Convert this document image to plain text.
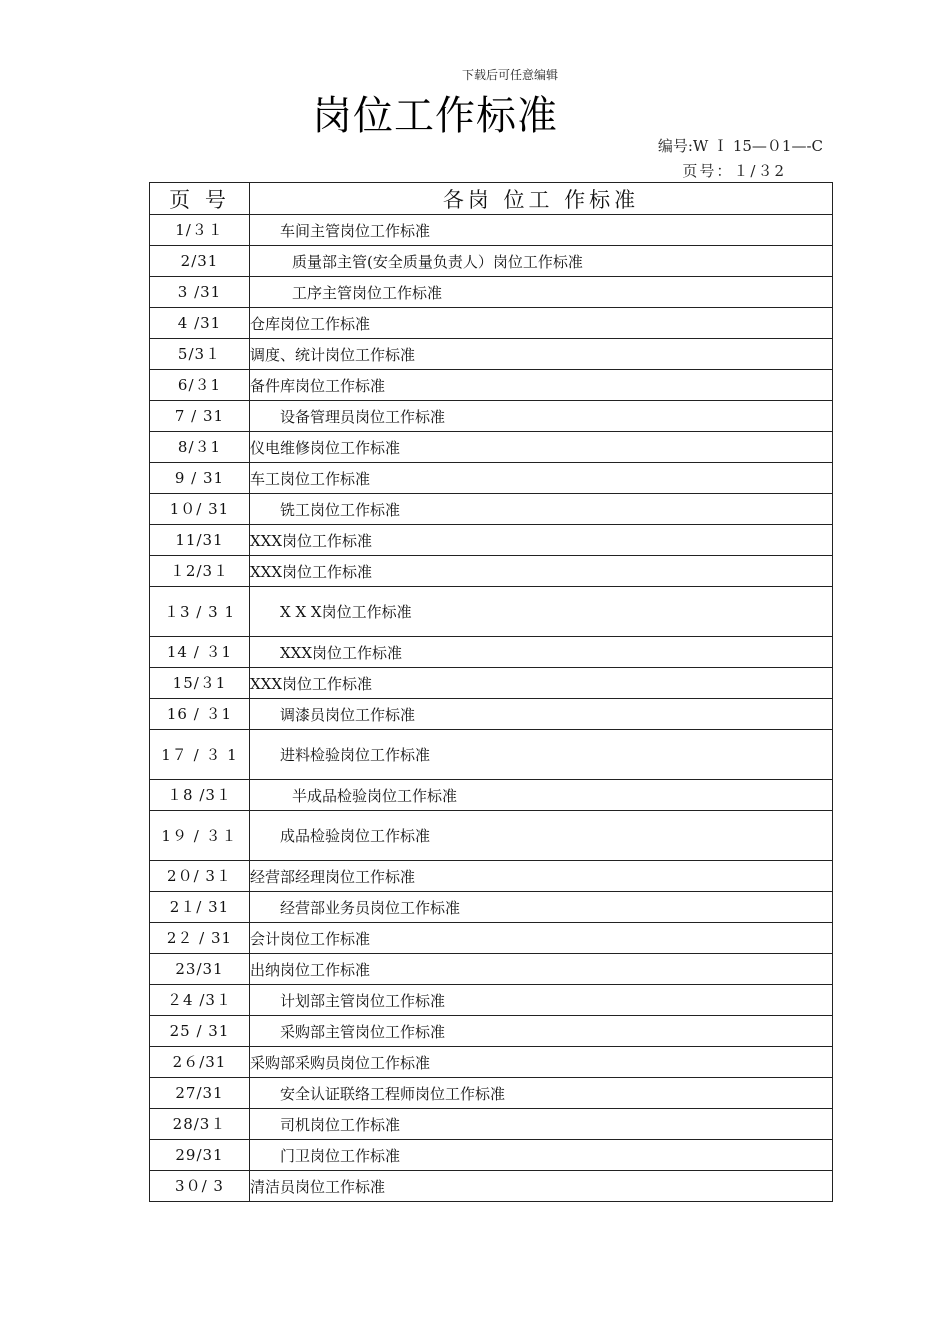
下载后可任意编辑
岗位工作标准
编号:W Ｉ 15—０1—-C
页号：１/３2
页 号	各岗 位工 作标准
1/３１	车间主管岗位工作标准
2/31	质量部主管(安全质量负责人）岗位工作标准
3 /31	工序主管岗位工作标准
4 /31	仓库岗位工作标准
5/3１	调度、统计岗位工作标准
6/３1	备件库岗位工作标准
7 / 31	设备管理员岗位工作标准
8/３1	仪电维修岗位工作标准
9 / 31	车工岗位工作标准
1０/ 31	铣工岗位工作标准
11/31	XXX岗位工作标准
１2/3１	XXX岗位工作标准
１3 / 3 1	X X X岗位工作标准
14 / ３1	XXX岗位工作标准
15/３1	XXX岗位工作标准
16 / ３1	调漆员岗位工作标准
1７ / ３ 1	进料检验岗位工作标准
１8 /3１	半成品检验岗位工作标准
1９ / ３１	成品检验岗位工作标准
2０/ 3１	经营部经理岗位工作标准
2１/ 31	经营部业务员岗位工作标准
2２ / 31	会计岗位工作标准
23/31	出纳岗位工作标准
２4 /3１	计划部主管岗位工作标准
25 / 31	采购部主管岗位工作标准
2６/31	采购部采购员岗位工作标准
27/31	安全认证联络工程师岗位工作标准
28/3１	司机岗位工作标准
29/31	门卫岗位工作标准
3０/ 3	清洁员岗位工作标准
